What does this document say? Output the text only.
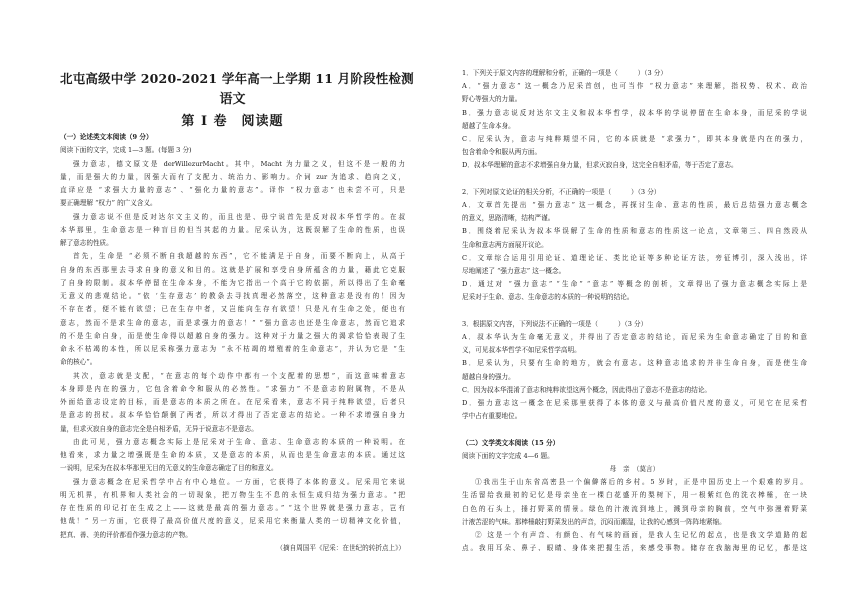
北屯高级中学 2020-2021 学年高一上学期 11 月阶段性检测
语文
第 I 卷　阅读题
（一）论述类文本阅读（9 分）
阅读下面的文字，完成 1—3 题。(每题 3 分)
强力意志，德文原文是 derWillezurMacht。其中，Macht 为力量之义，但这不是一般的力
量，而是强大的力量，因强大而有了支配力、统治力、影响力。介词 zur 为追求、趋向之义，
直译应是 “求强大力量的意志” 、“强化力量的意志”。译作 “权力意志” 也未尝不可，只是
要正确理解 “权力” 的广义含义。
强力意志说不但是反对达尔文主义的，而且也是、毋宁说首先是反对叔本华哲学的。在叔
本华那里，生命意志是一种盲目的但当其起的力量。尼采认为，这既误解了生命的性质，也误
解了意志的性质。
首先，生命是 “必须不断自我超越的东西”，它不能满足于自身，而要不断向上，从高于
自身的东西那里去寻求自身的意义和目的。这就是扩展和享受自身所蕴含的力量，藉此它克服
了自身的限制。叔本华停留在生命本身，不能为它指出一个高于它的依据，所以得出了生命毫
无意义的悲观结论。“依 ‘生存意志’ 的教条去寻找真理必然落空，这种意志是没有的！因为
不存在者，便不能有欲望；已在生存中者，又岂能向生存有欲望！只是凡有生命之处，便也有
意志，然而不是求生命的意志，而是求强力的意志！” “强力意志也还是生命意志，然而它追求
的不是生命自身，而是使生命得以超越自身的强力。这种对于力量之强大的渴求恰恰表现了生
命永不枯竭的本性，所以尼采称强力意志为 “永不枯竭的增殖着的生命意志”，并认为它是 “生
命的核心”。
其次，意志就是支配，“在意志的每个动作中都有一个支配着的思想”，而这意味着意志
本身即是内在的强力，它包含着命令和服从的必然性。“求强力” 不是意志的附属物，不是从
外面给意志设定的目标，而是意志的本质之所在。在尼采看来，意志不同于纯粹欲望，后者只
是意志的拐杖。叔本华恰恰颠倒了两者，所以才得出了否定意志的结论。一种不求增强自身力
量，但求灭寂自身的意志完全是自相矛盾，无异于说意志不是意志。
由此可见，强力意志概念实际上是尼采对于生命、意志、生命意志的本质的一种说明。在
他看来，求力量之增强既是生命的本质，又是意志的本质，从而也是生命意志的本质。通过这
一说明，尼采为在叔本华那里无目的无意义的生命意志确定了目的和意义。
强力意志概念在尼采哲学中占有中心地位。一方面，它获得了本体的意义。尼采用它来说
明无机界，有机界和人类社会的一切现象，把万物生生不息的永恒生成归结为强力意志。“把
存在性质的印记打在生成之上——这就是最高的强力意志。” “这个世界就是强力意志，岂有
他哉！” 另一方面，它获得了最高价值尺度的意义，尼采用它来衡量人类的一切精神文化价值，
把真、善、美的评价都看作强力意志的产物。
（摘自周国平《尼采：在世纪的转折点上》）
1．下列关于原文内容的理解和分析，正确的一项是（　　　）（3 分）
A．“强力意志” 这一概念乃尼采首创，也可当作 “权力意志” 来理解，指权势、权术、政治
野心等强大的力量。
B．强力意志说反对达尔文主义和叔本华哲学，叔本华的学说停留在生命本身，而尼采的学说
超越了生命本身。
C．尼采认为，意志与纯粹期望不同，它的本质就是 “求强力”，即其本身就是内在的强力，
包含着命令和服从两方面。
D．叔本华理解的意志不求增强自身力量，但求灭寂自身，这完全自相矛盾，等于否定了意志。
2．下列对原文论证的相关分析，不正确的一项是（　　　）（3 分）
A．文章首先提出 “强力意志” 这一概念，再探讨生命、意志的性质，最后总结强力意志概念
的意义，思路清晰，结构严谨。
B．围绕着尼采认为叔本华误解了生命的性质和意志的性质这一论点，文章第三、四自然段从
生命和意志两方面展开议论。
C．文章综合运用引用论证、道理论证、类比论证等多种论证方法，旁征博引，深入浅出，详
尽地阐述了 “强力意志” 这一概念。
D．通过对 “强力意志” “生命” “意志” 等概念的剖析，文章得出了强力意志概念实际上是
尼采对于生命、意志、生命意志的本质的一种说明的结论。
3．根据原文内容，下列说法不正确的一项是（　　　）（3 分）
A．叔本华认为生命毫无意义，并得出了否定意志的结论，而尼采为生命意志确定了目的和意
义，可见叔本华哲学不如尼采哲学高明。
B．尼采认为，只要有生命的地方，就会有意志。这种意志追求的并非生命自身，而是使生命
超越自身的强力。
C．因为叔本华混淆了意志和纯粹欲望这两个概念，因此得出了意志不是意志的结论。
D．强力意志这一概念在尼采那里获得了本体的意义与最高价值尺度的意义，可见它在尼采哲
学中占有重要地位。
（二）文学类文本阅读（15 分）
阅读下面的文字完成 4—6 题。
母　亲　（莫言）
①我出生于山东省高密县一个偏僻落后的乡村。5 岁时，正是中国历史上一个艰难的岁月。
生活留给我最初的记忆是母亲坐在一棵白花盛开的梨树下，用一根紫红色的洗衣棒棰，在一块
白色的石头上，捶打野菜的情景。绿色的汁液流到地上，溅到母亲的胸前，空气中弥漫着野菜
汁液苦涩的气味。那棒棰敲打野菜发出的声音，沉闷而潮湿，让我的心感到一阵阵地紧缩。
② 这是一个有声音、有颜色、有气味的画面，是我人生记忆的起点，也是我文学道路的起
点。我用耳朵、鼻子、眼睛、身体来把握生活，来感受事物。储存在我脑海里的记忆，都是这
